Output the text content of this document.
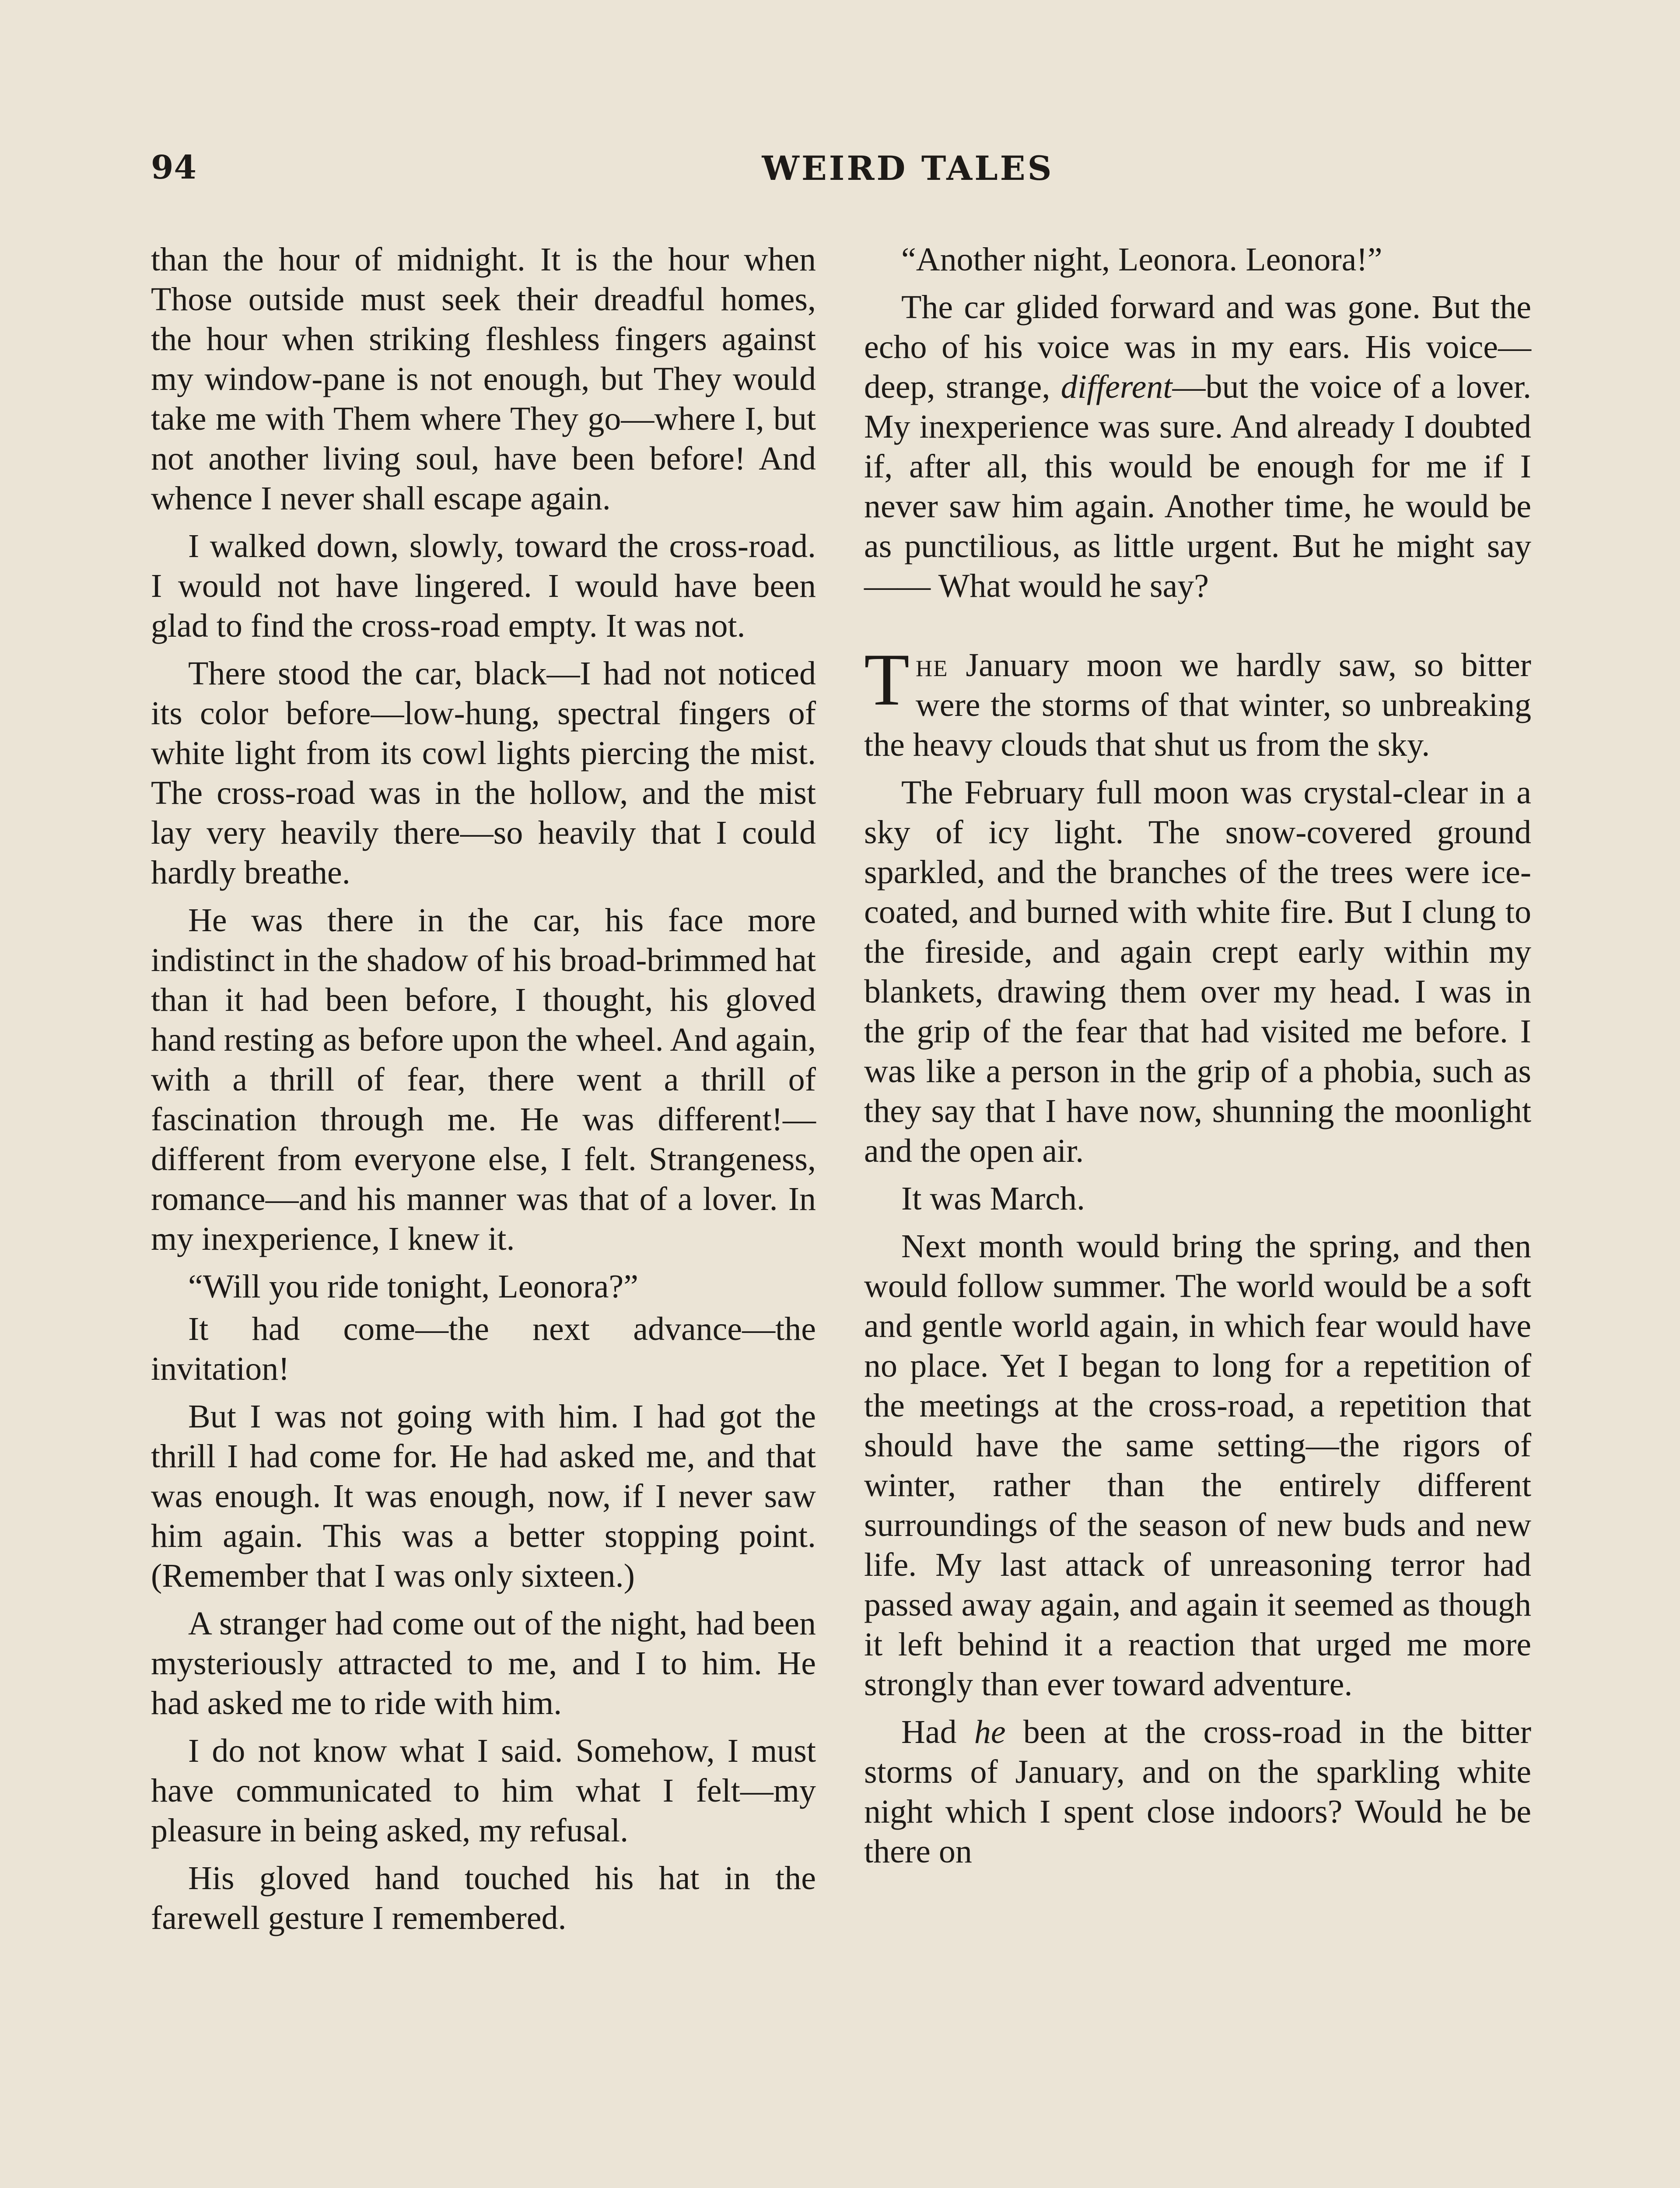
94	WEIRD TALES

than the hour of midnight. It is the hour when Those outside must seek their dreadful homes, the hour when striking fleshless fingers against my window-pane is not enough, but They would take me with Them where They go—where I, but not another living soul, have been before! And whence I never shall escape again.

I walked down, slowly, toward the cross-road. I would not have lingered. I would have been glad to find the cross-road empty. It was not.

There stood the car, black—I had not noticed its color before—low-hung, spectral fingers of white light from its cowl lights piercing the mist. The cross-road was in the hollow, and the mist lay very heavily there—so heavily that I could hardly breathe.

He was there in the car, his face more indistinct in the shadow of his broad-brimmed hat than it had been before, I thought, his gloved hand resting as before upon the wheel. And again, with a thrill of fear, there went a thrill of fascination through me. He was different!—different from everyone else, I felt. Strangeness, romance—and his manner was that of a lover. In my inexperience, I knew it.

“Will you ride tonight, Leonora?”

It had come—the next advance—the invitation!

But I was not going with him. I had got the thrill I had come for. He had asked me, and that was enough. It was enough, now, if I never saw him again. This was a better stopping point. (Remember that I was only sixteen.)

A stranger had come out of the night, had been mysteriously attracted to me, and I to him. He had asked me to ride with him.

I do not know what I said. Somehow, I must have communicated to him what I felt—my pleasure in being asked, my refusal.

His gloved hand touched his hat in the farewell gesture I remembered.

“Another night, Leonora. Leonora!”

The car glided forward and was gone. But the echo of his voice was in my ears. His voice—deep, strange, different—but the voice of a lover. My inexperience was sure. And already I doubted if, after all, this would be enough for me if I never saw him again. Another time, he would be as punctilious, as little urgent. But he might say—— What would he say?

The January moon we hardly saw, so bitter were the storms of that winter, so unbreaking the heavy clouds that shut us from the sky.

The February full moon was crystal-clear in a sky of icy light. The snow-covered ground sparkled, and the branches of the trees were ice-coated, and burned with white fire. But I clung to the fireside, and again crept early within my blankets, drawing them over my head. I was in the grip of the fear that had visited me before. I was like a person in the grip of a phobia, such as they say that I have now, shunning the moonlight and the open air.

It was March.

Next month would bring the spring, and then would follow summer. The world would be a soft and gentle world again, in which fear would have no place. Yet I began to long for a repetition of the meetings at the cross-road, a repetition that should have the same setting—the rigors of winter, rather than the entirely different surroundings of the season of new buds and new life. My last attack of unreasoning terror had passed away again, and again it seemed as though it left behind it a reaction that urged me more strongly than ever toward adventure.

Had he been at the cross-road in the bitter storms of January, and on the sparkling white night which I spent close indoors? Would he be there on
